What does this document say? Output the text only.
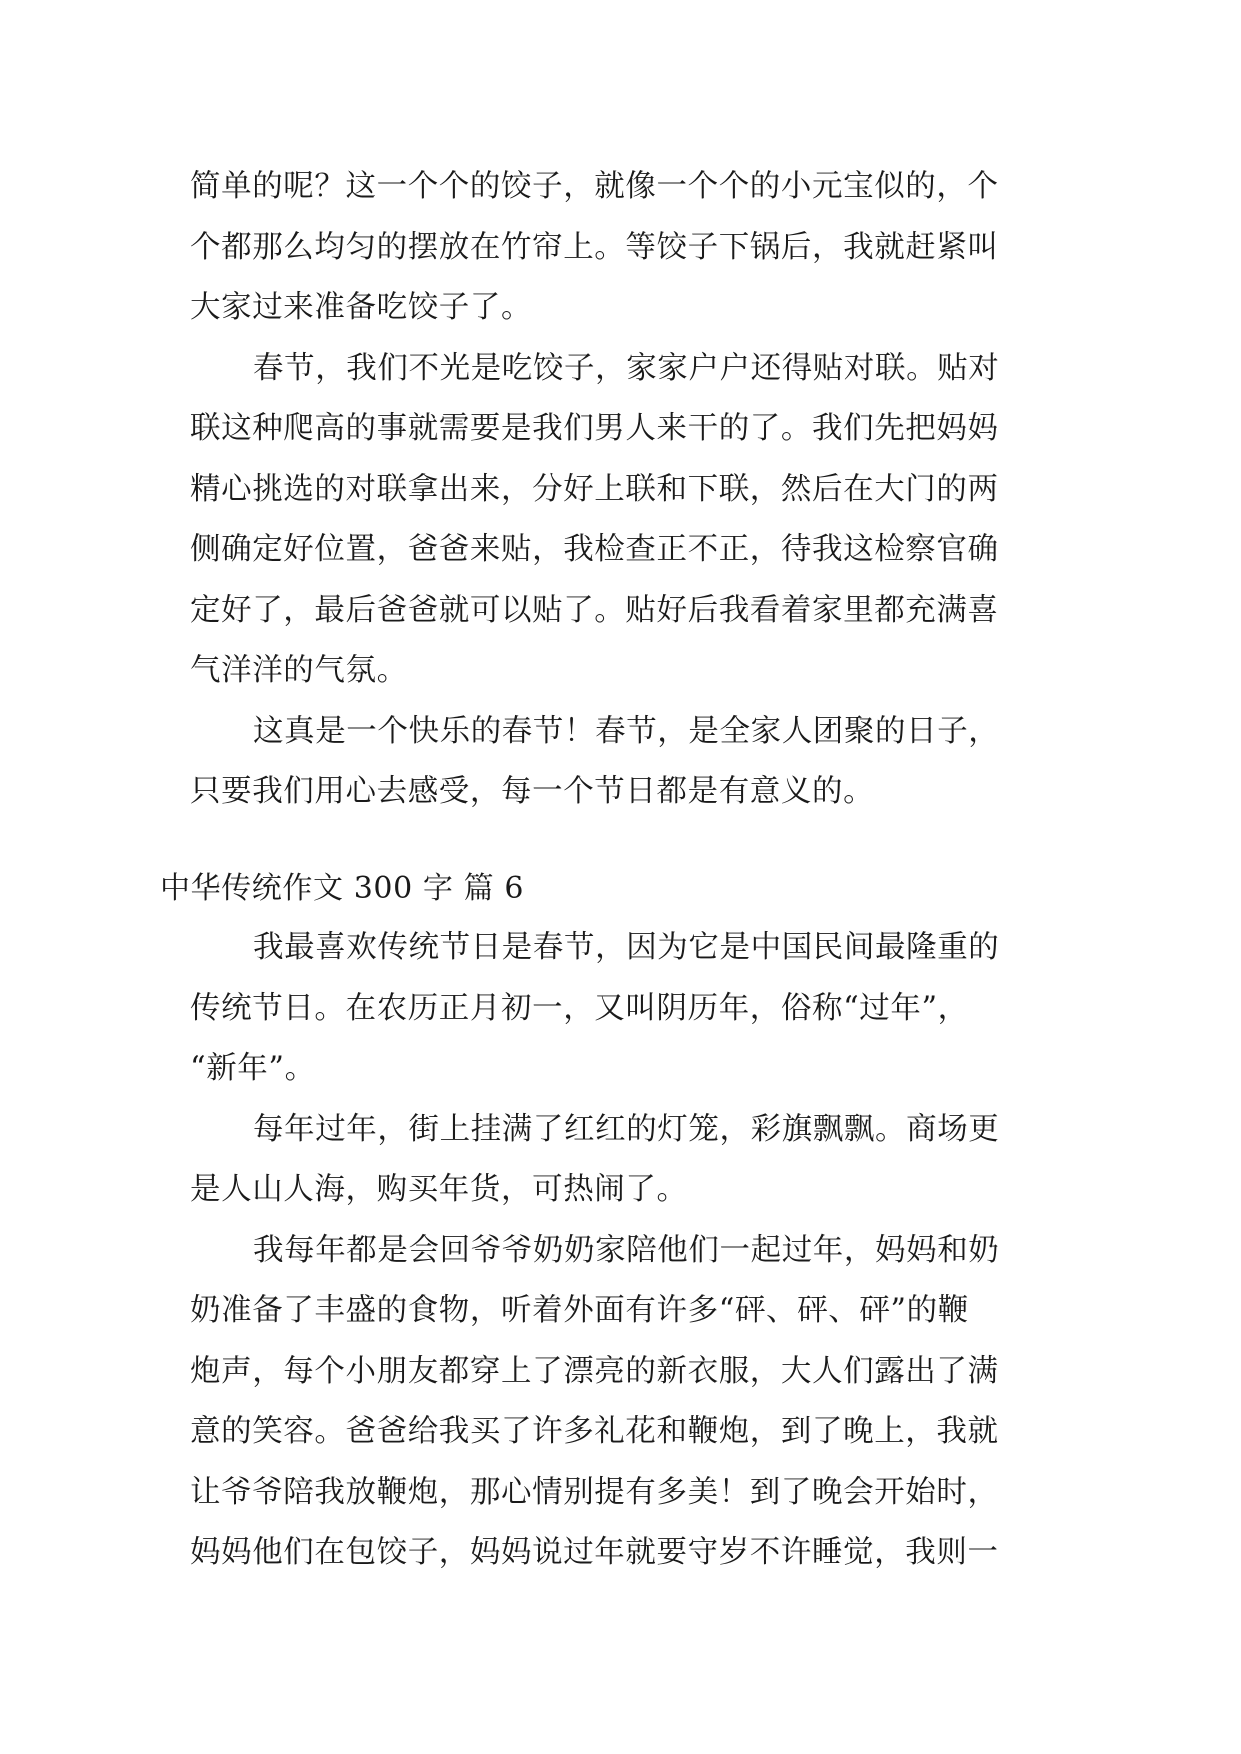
简单的呢？这一个个的饺子，就像一个个的小元宝似的，个
个都那么均匀的摆放在竹帘上。等饺子下锅后，我就赶紧叫
大家过来准备吃饺子了。
春节，我们不光是吃饺子，家家户户还得贴对联。贴对
联这种爬高的事就需要是我们男人来干的了。我们先把妈妈
精心挑选的对联拿出来，分好上联和下联，然后在大门的两
侧确定好位置，爸爸来贴，我检查正不正，待我这检察官确
定好了，最后爸爸就可以贴了。贴好后我看着家里都充满喜
气洋洋的气氛。
这真是一个快乐的春节！春节，是全家人团聚的日子，
只要我们用心去感受，每一个节日都是有意义的。
中华传统作文 300 字 篇 6
我最喜欢传统节日是春节，因为它是中国民间最隆重的
传统节日。在农历正月初一，又叫阴历年，俗称“过年”，
“新年”。
每年过年，街上挂满了红红的灯笼，彩旗飘飘。商场更
是人山人海，购买年货，可热闹了。
我每年都是会回爷爷奶奶家陪他们一起过年，妈妈和奶
奶准备了丰盛的食物，听着外面有许多“砰、砰、砰”的鞭
炮声，每个小朋友都穿上了漂亮的新衣服，大人们露出了满
意的笑容。爸爸给我买了许多礼花和鞭炮，到了晚上，我就
让爷爷陪我放鞭炮，那心情别提有多美！到了晚会开始时，
妈妈他们在包饺子，妈妈说过年就要守岁不许睡觉，我则一
